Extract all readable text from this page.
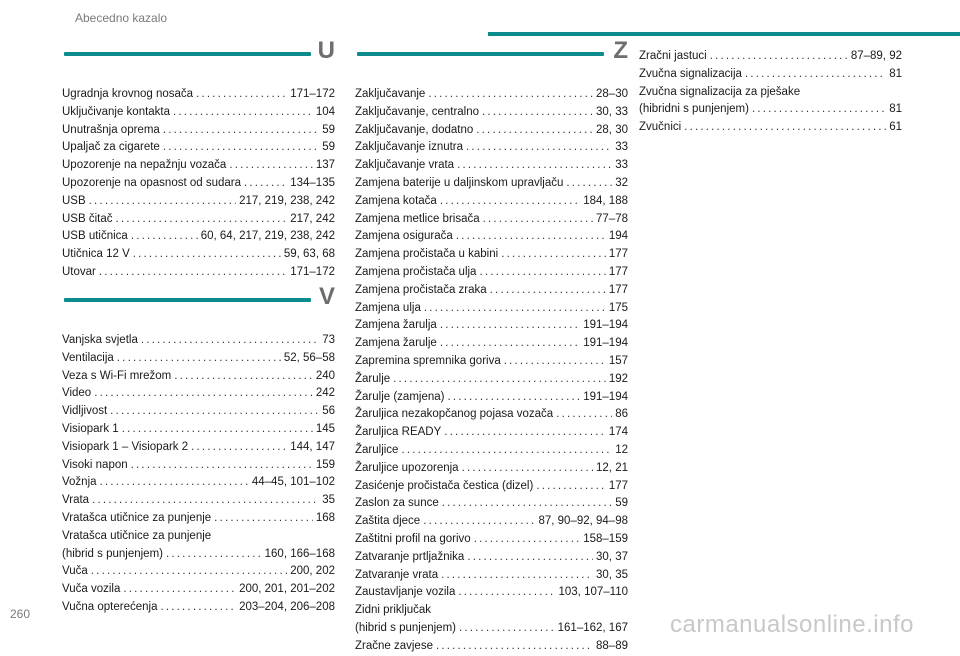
Abecedno kazalo
U
Ugradnja krovnog nosača . . .	171–172
Uključivanje kontakta . . .	104
Unutrašnja oprema . . .	59
Upaljač za cigarete . . .	59
Upozorenje na nepažnju vozača . . .	137
Upozorenje na opasnost od sudara . . .	134–135
USB . . .	217, 219, 238, 242
USB čitač . . .	217, 242
USB utičnica . . .	60, 64, 217, 219, 238, 242
Utičnica 12 V . . .	59, 63, 68
Utovar . . .	171–172
V
Vanjska svjetla . . .	73
Ventilacija . . .	52, 56–58
Veza s Wi-Fi mrežom . . .	240
Video . . .	242
Vidljivost . . .	56
Visiopark 1 . . .	145
Visiopark 1 – Visiopark 2 . . .	144, 147
Visoki napon . . .	159
Vožnja . . .	44–45, 101–102
Vrata . . .	35
Vratašca utičnice za punjenje . . .	168
Vratašca utičnice za punjenje
(hibrid s punjenjem) . . .	160, 166–168
Vuča . . .	200, 202
Vuča vozila . . .	200, 201, 201–202
Vučna opterećenja . . .	203–204, 206–208
Z
Zaključavanje . . .	28–30
Zaključavanje, centralno . . .	30, 33
Zaključavanje, dodatno . . .	28, 30
Zaključavanje iznutra . . .	33
Zaključavanje vrata . . .	33
Zamjena baterije u daljinskom upravljaču . . .	32
Zamjena kotača . . .	184, 188
Zamjena metlice brisača . . .	77–78
Zamjena osigurača . . .	194
Zamjena pročistača u kabini . . .	177
Zamjena pročistača ulja . . .	177
Zamjena pročistača zraka . . .	177
Zamjena ulja . . .	175
Zamjena žarulja . . .	191–194
Zamjena žarulje . . .	191–194
Zapremina spremnika goriva . . .	157
Žarulje . . .	192
Žarulje (zamjena) . . .	191–194
Žaruljica nezakopčanog pojasa vozača . . .	86
Žaruljica READY . . .	174
Žaruljice . . .	12
Žaruljice upozorenja . . .	12, 21
Zasićenje pročistača čestica (dizel) . . .	177
Zaslon za sunce . . .	59
Zaštita djece . . .	87, 90–92, 94–98
Zaštitni profil na gorivo . . .	158–159
Zatvaranje prtljažnika . . .	30, 37
Zatvaranje vrata . . .	30, 35
Zaustavljanje vozila . . .	103, 107–110
Zidni priključak
(hibrid s punjenjem) . . .	161–162, 167
Zračne zavjese . . .	88–89
Zračni jastuci . . .	87–89, 92
Zvučna signalizacija . . .	81
Zvučna signalizacija za pješake
(hibridni s punjenjem) . . .	81
Zvučnici . . .	61
260	carmanualsonline.info
